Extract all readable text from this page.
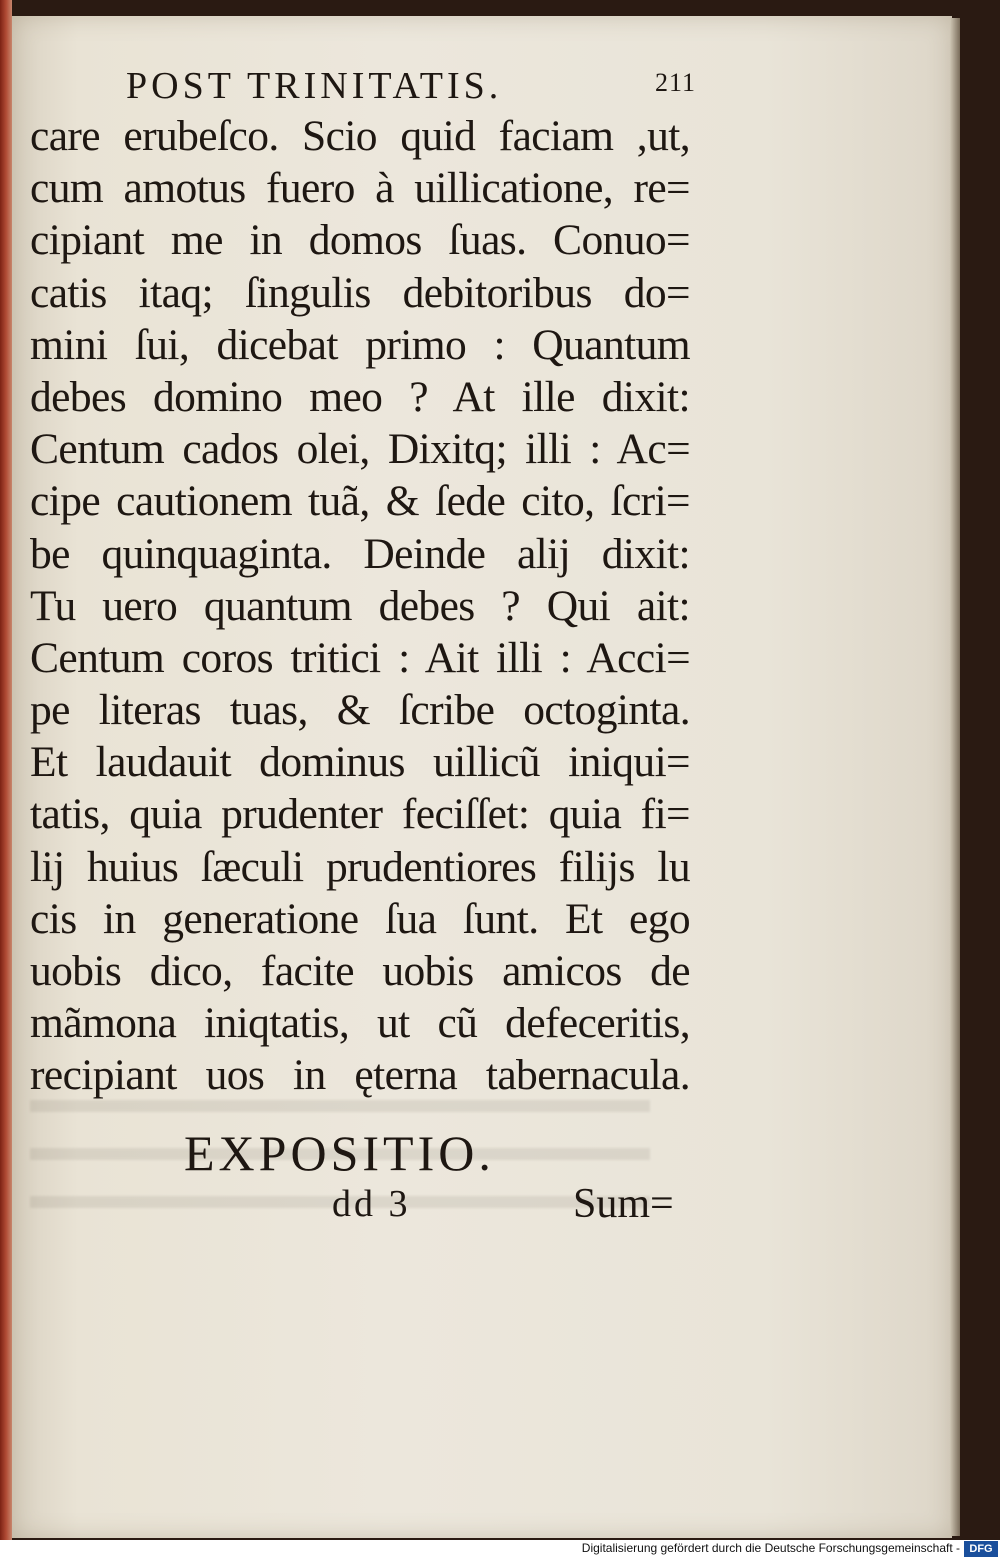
POST TRINITATIS.	211
care erubeſco. Scio quid faciam ,ut,
cum amotus fuero à uillicatione, re=
cipiant me in domos ſuas. Conuo=
catis itaq; ſingulis debitoribus do=
mini ſui, dicebat primo : Quantum
debes domino meo ? At ille dixit:
Centum cados olei, Dixitq; illi : Ac=
cipe cautionem tuã, & ſede cito, ſcri=
be quinquaginta. Deinde alij dixit:
Tu uero quantum debes ? Qui ait:
Centum coros tritici : Ait illi : Acci=
pe literas tuas, & ſcribe octoginta.
Et laudauit dominus uillicũ iniqui=
tatis, quia prudenter feciſſet: quia fi=
lij huius ſæculi prudentiores filijs lu
cis in generatione ſua ſunt. Et ego
uobis dico, facite uobis amicos de
mãmona iniqtatis, ut cũ defeceritis,
recipiant uos in ęterna tabernacula.
EXPOSITIO.
dd 3	Sum=
Digitalisierung gefördert durch die Deutsche Forschungsgemeinschaft - DFG
